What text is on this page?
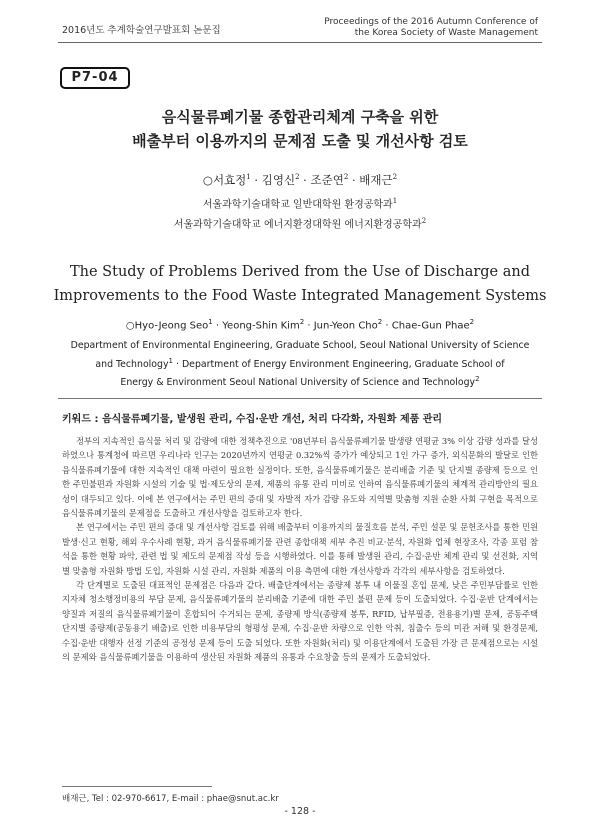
2016년도 추계학술연구발표회 논문집
Proceedings of the 2016 Autumn Conference of
the Korea Society of Waste Management
P7-04
음식물류폐기물 종합관리체계 구축을 위한
배출부터 이용까지의 문제점 도출 및 개선사항 검토
○서효정$^1$ · 김영신$^2$ · 조준연$^2$ · 배재근$^2$
서울과학기술대학교 일반대학원 환경공학과$^1$
서울과학기술대학교 에너지환경대학원 에너지환경공학과$^2$
The Study of Problems Derived from the Use of Discharge and
Improvements to the Food Waste Integrated Management Systems
○Hyo-Jeong Seo$^1$ · Yeong-Shin Kim$^2$ · Jun-Yeon Cho$^2$ · Chae-Gun Phae$^2$
Department of Environmental Engineering, Graduate School, Seoul National University of Science
and Technology$^1$ · Department of Energy Environment Engineering, Graduate School of
Energy & Environment Seoul National University of Science and Technology$^2$
키워드 : 음식물류폐기물, 발생원 관리, 수집·운반 개선, 처리 다각화, 자원화 제품 관리

정부의 지속적인 음식물 처리 및 감량에 대한 정책추진으로 '08년부터 음식물류폐기물 발생량 연평균 3% 이상 감량 성과를 달성하였으나 통계청에 따르면 우리나라 인구는 2020년까지 연평균 0.32%씩 증가가 예상되고 1인 가구 증가, 외식문화의 발달로 인한 음식물류폐기물에 대한 지속적인 대책 마련이 필요한 실정이다. 또한, 음식물류폐기물은 분리배출 기준 및 단지별 종량제 등으로 인한 주민불편과 자원화 시설의 기술 및 법·제도상의 문제, 제품의 유통 관리 미비로 인하여 음식물류폐기물의 체계적 관리방안의 필요성이 대두되고 있다. 이에 본 연구에서는 주민 편의 증대 및 자발적 자가 감량 유도와 지역별 맞춤형 지원 순환 사회 구현을 목적으로 음식물류폐기물의 문제점을 도출하고 개선사항을 검토하고자 한다.

본 연구에서는 주민 편의 증대 및 개선사항 검토를 위해 배출부터 이용까지의 물질흐름 분석, 주민 설문 및 문헌조사를 통한 민원 발생·신고 현황, 해외 우수사례 현황, 과거 음식물류폐기물 관련 종합대책 세부 추진 비교·분석, 자원화 업체 현장조사, 각종 포럼 참석을 통한 현황 파악, 관련 법 및 제도의 문제점 작성 등을 시행하였다. 이를 통해 발생원 관리, 수집·운반 체계 관리 및 선진화, 지역별 맞춤형 자원화 방법 도입, 자원화 시설 관리, 자원화 제품의 이용 측면에 대한 개선사항과 각각의 세부사항을 검토하였다.

각 단계별로 도출된 대표적인 문제점은 다음과 같다. 배출단계에서는 종량제 봉투 내 이물질 혼입 문제, 낮은 주민부담률로 인한 지자체 청소행정비용의 부담 문제, 음식물류폐기물의 분리배출 기준에 대한 주민 불편 문제 등이 도출되었다. 수집·운반 단계에서는 양질과 저질의 음식물류폐기물이 혼합되어 수거되는 문제, 종량제 방식(종량제 봉투, RFID, 납부필증, 전용용기)별 문제, 공동주택 단지별 종량제(공동용기 배출)로 인한 비용부담의 형평성 문제, 수집·운반 차량으로 인한 악취, 침출수 등의 미관 저해 및 환경문제, 수집·운반 대행자 선정 기준의 공정성 문제 등이 도출 되었다. 또한 자원화(처리) 및 이용단계에서 도출된 가장 큰 문제점으로는 시설의 문제와 음식물류폐기물을 이용하여 생산된 자원화 제품의 유통과 수요창출 등의 문제가 도출되었다.

배재근, Tel : 02-970-6617, E-mail : phae@snut.ac.kr
- 128 -
